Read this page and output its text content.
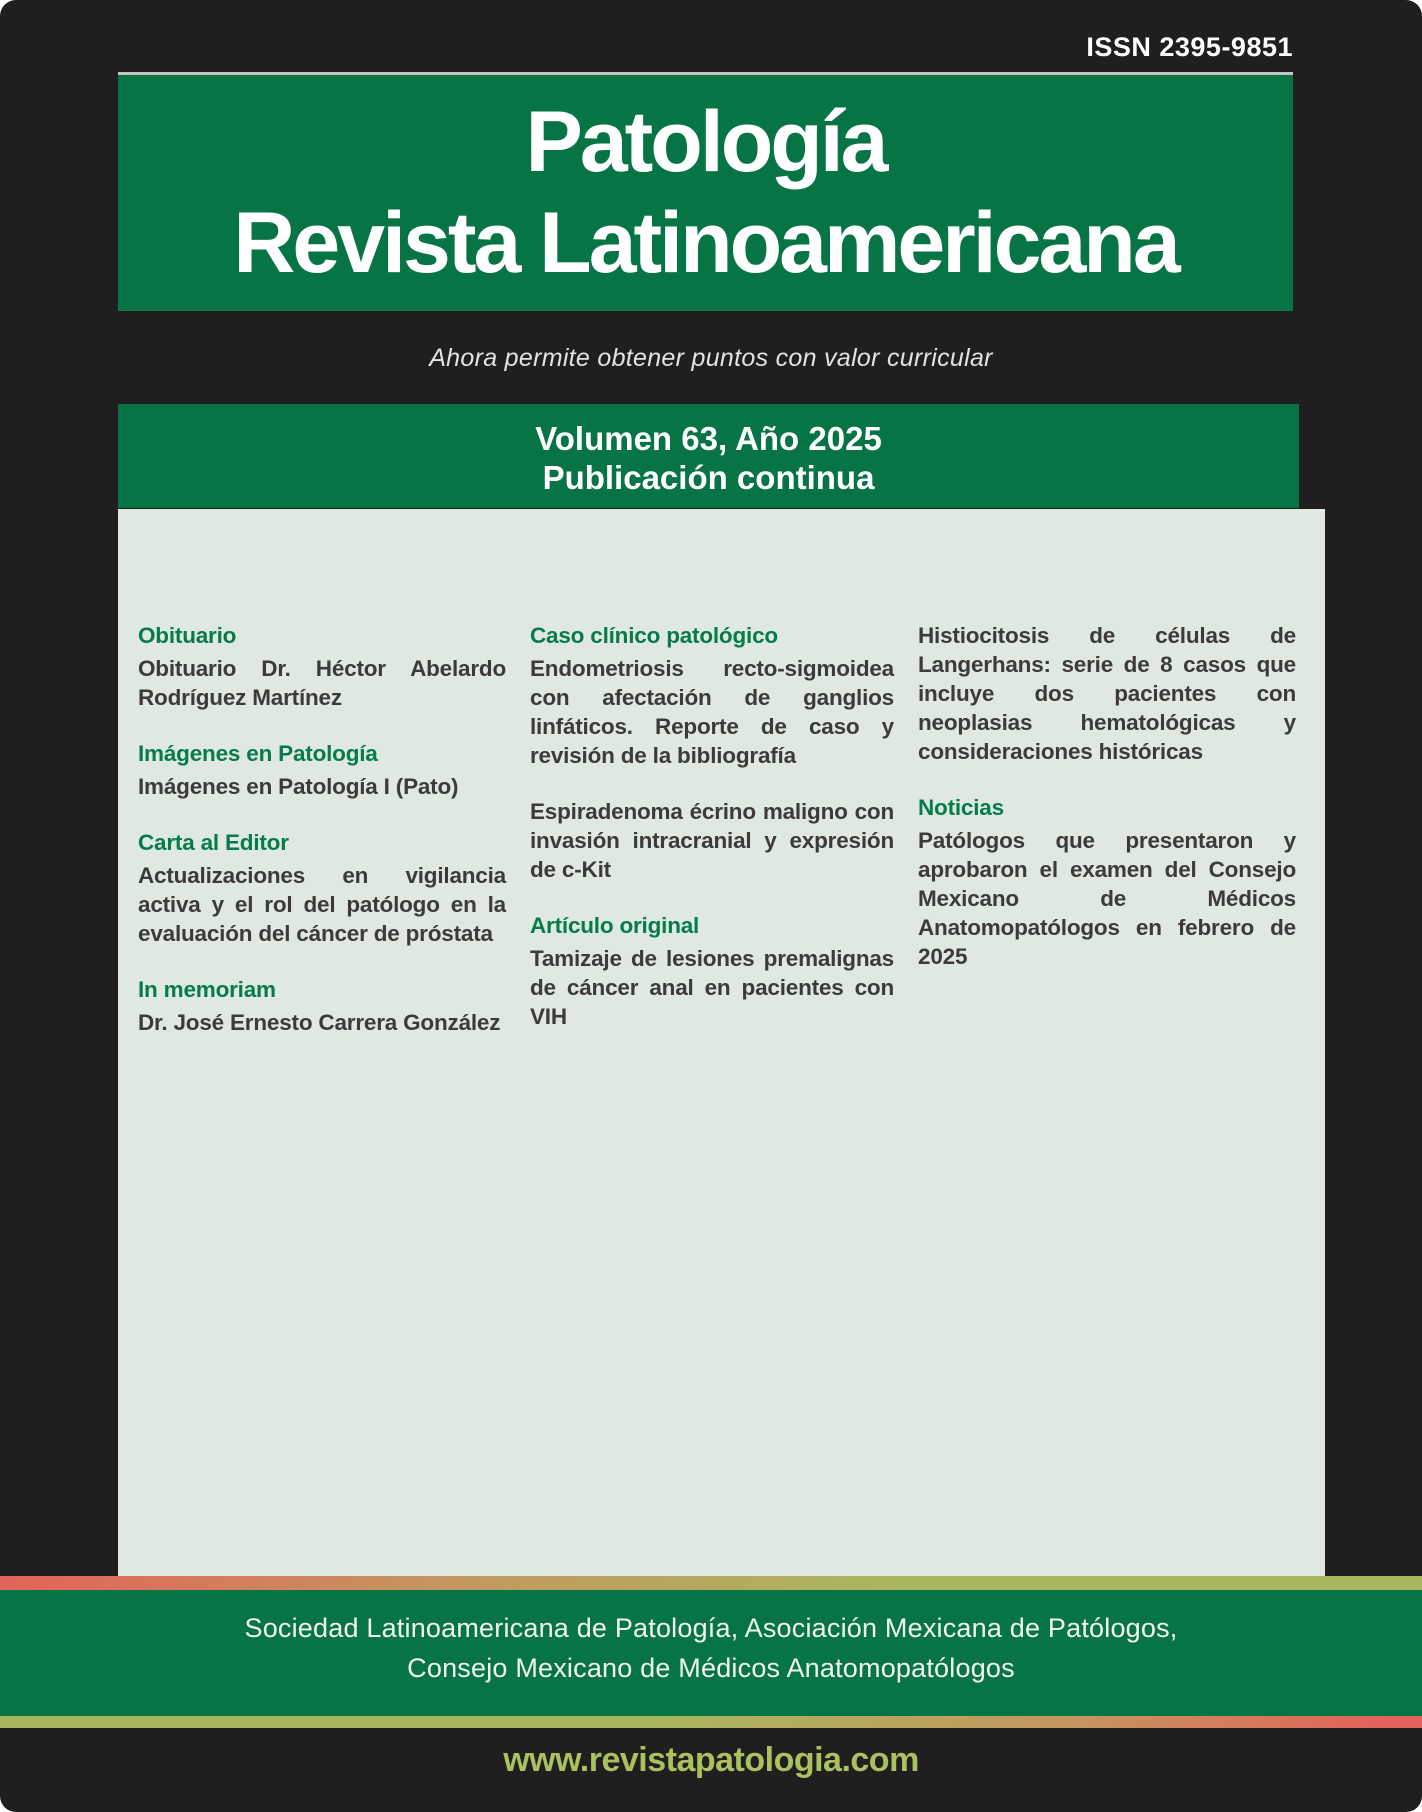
ISSN 2395-9851
Patología
Revista Latinoamericana
Ahora permite obtener puntos con valor curricular
Volumen 63, Año 2025
Publicación continua

Obituario

Obituario Dr. Héctor Abelardo Rodríguez Martínez

Imágenes en Patología

Imágenes en Patología I (Pato)

Carta al Editor

Actualizaciones en vigilancia activa y el rol del patólogo en la evaluación del cáncer de próstata

In memoriam

Dr. José Ernesto Carrera González

Caso clínico patológico

Endometriosis recto-sigmoidea con afectación de ganglios linfáticos. Reporte de caso y revisión de la bibliografía

Espiradenoma écrino maligno con invasión intracranial y expresión de c-Kit

Artículo original

Tamizaje de lesiones premalignas de cáncer anal en pacientes con VIH

Histiocitosis de células de Langerhans: serie de 8 casos que incluye dos pacientes con neoplasias hematológicas y consideraciones históricas

Noticias

Patólogos que presentaron y aprobaron el examen del Consejo Mexicano de Médicos Anatomopatólogos en febrero de 2025

Sociedad Latinoamericana de Patología, Asociación Mexicana de Patólogos,
Consejo Mexicano de Médicos Anatomopatólogos
www.revistapatologia.com
